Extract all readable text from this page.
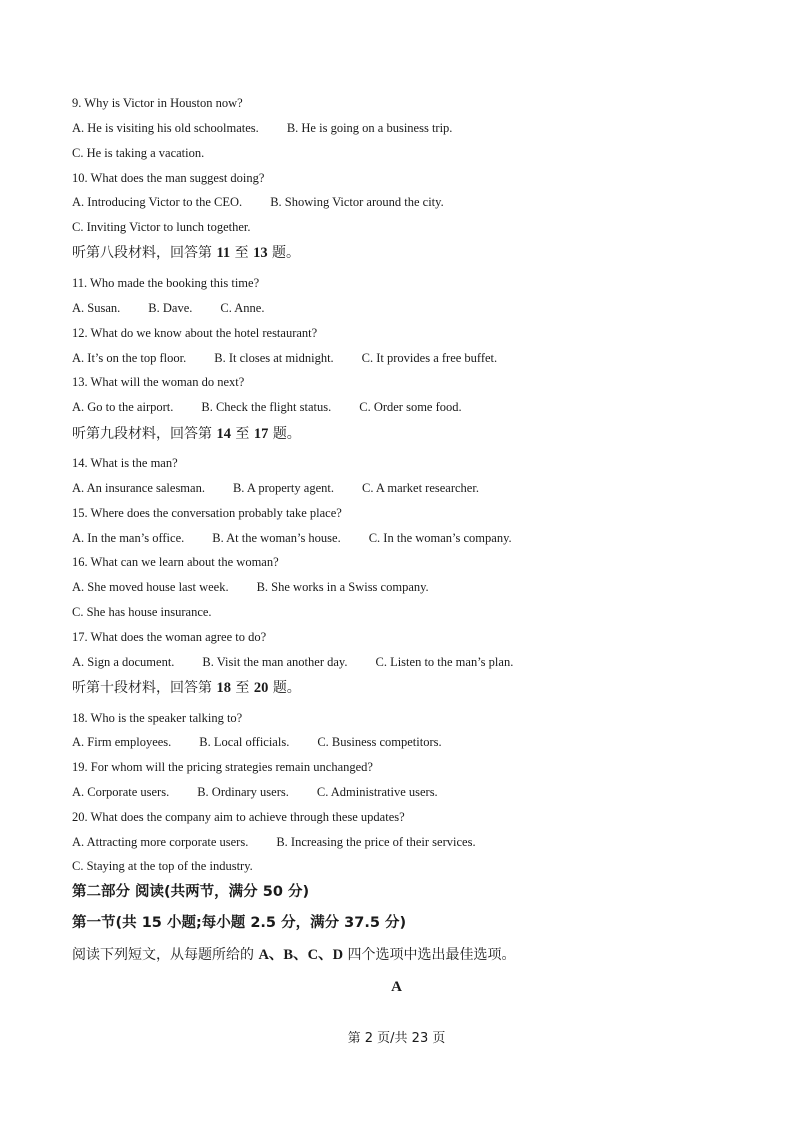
9. Why is Victor in Houston now?
A. He is visiting his old schoolmates. B. He is going on a business trip.
C. He is taking a vacation.
10. What does the man suggest doing?
A. Introducing Victor to the CEO. B. Showing Victor around the city.
C. Inviting Victor to lunch together.
听第八段材料，回答第 11 至 13 题。
11. Who made the booking this time?
A. Susan. B. Dave. C. Anne.
12. What do we know about the hotel restaurant?
A. It’s on the top floor. B. It closes at midnight. C. It provides a free buffet.
13. What will the woman do next?
A. Go to the airport. B. Check the flight status. C. Order some food.
听第九段材料，回答第 14 至 17 题。
14. What is the man?
A. An insurance salesman. B. A property agent. C. A market researcher.
15. Where does the conversation probably take place?
A. In the man’s office. B. At the woman’s house. C. In the woman’s company.
16. What can we learn about the woman?
A. She moved house last week. B. She works in a Swiss company.
C. She has house insurance.
17. What does the woman agree to do?
A. Sign a document. B. Visit the man another day. C. Listen to the man’s plan.
听第十段材料，回答第 18 至 20 题。
18. Who is the speaker talking to?
A. Firm employees. B. Local officials. C. Business competitors.
19. For whom will the pricing strategies remain unchanged?
A. Corporate users. B. Ordinary users. C. Administrative users.
20. What does the company aim to achieve through these updates?
A. Attracting more corporate users. B. Increasing the price of their services.
C. Staying at the top of the industry.
第二部分 阅读(共两节，满分 50 分)
第一节(共 15 小题;每小题 2.5 分，满分 37.5 分)
阅读下列短文，从每题所给的 A、B、C、D 四个选项中选出最佳选项。
A
第 2 页/共 23 页
